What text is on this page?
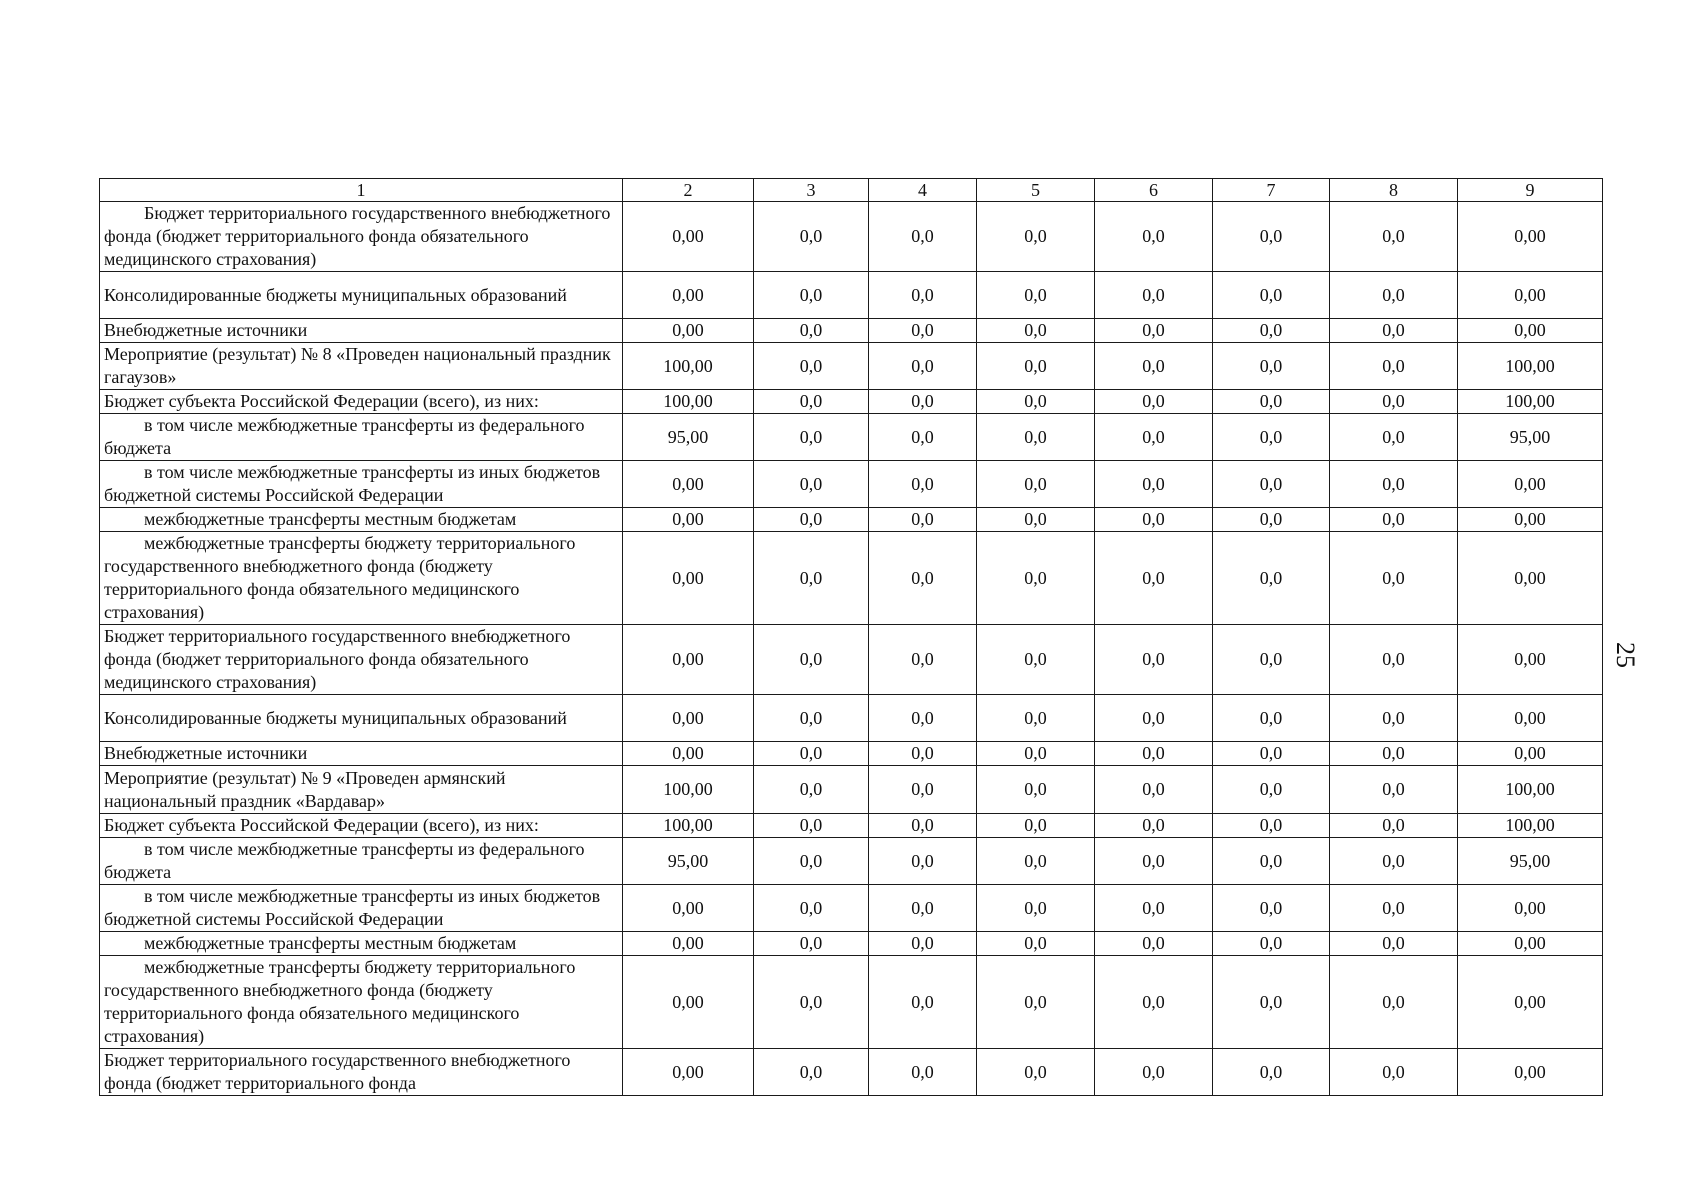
1	2	3	4	5	6	7	8	9
Бюджет территориального государственного внебюджетного фонда (бюджет территориального фонда обязательного медицинского страхования)	0,00	0,0	0,0	0,0	0,0	0,0	0,0	0,00
Консолидированные бюджеты муниципальных образований	0,00	0,0	0,0	0,0	0,0	0,0	0,0	0,00
Внебюджетные источники	0,00	0,0	0,0	0,0	0,0	0,0	0,0	0,00
Мероприятие (результат) № 8 «Проведен национальный праздник гагаузов»	100,00	0,0	0,0	0,0	0,0	0,0	0,0	100,00
Бюджет субъекта Российской Федерации (всего), из них:	100,00	0,0	0,0	0,0	0,0	0,0	0,0	100,00
в том числе межбюджетные трансферты из федерального бюджета	95,00	0,0	0,0	0,0	0,0	0,0	0,0	95,00
в том числе межбюджетные трансферты из иных бюджетов бюджетной системы Российской Федерации	0,00	0,0	0,0	0,0	0,0	0,0	0,0	0,00
межбюджетные трансферты местным бюджетам	0,00	0,0	0,0	0,0	0,0	0,0	0,0	0,00
межбюджетные трансферты бюджету территориального государственного внебюджетного фонда (бюджету территориального фонда обязательного медицинского страхования)	0,00	0,0	0,0	0,0	0,0	0,0	0,0	0,00
Бюджет территориального государственного внебюджетного фонда (бюджет территориального фонда обязательного медицинского страхования)	0,00	0,0	0,0	0,0	0,0	0,0	0,0	0,00
Консолидированные бюджеты муниципальных образований	0,00	0,0	0,0	0,0	0,0	0,0	0,0	0,00
Внебюджетные источники	0,00	0,0	0,0	0,0	0,0	0,0	0,0	0,00
Мероприятие (результат) № 9 «Проведен армянский национальный праздник «Вардавар»	100,00	0,0	0,0	0,0	0,0	0,0	0,0	100,00
Бюджет субъекта Российской Федерации (всего), из них:	100,00	0,0	0,0	0,0	0,0	0,0	0,0	100,00
в том числе межбюджетные трансферты из федерального бюджета	95,00	0,0	0,0	0,0	0,0	0,0	0,0	95,00
в том числе межбюджетные трансферты из иных бюджетов бюджетной системы Российской Федерации	0,00	0,0	0,0	0,0	0,0	0,0	0,0	0,00
межбюджетные трансферты местным бюджетам	0,00	0,0	0,0	0,0	0,0	0,0	0,0	0,00
межбюджетные трансферты бюджету территориального государственного внебюджетного фонда (бюджету территориального фонда обязательного медицинского страхования)	0,00	0,0	0,0	0,0	0,0	0,0	0,0	0,00
Бюджет территориального государственного внебюджетного фонда (бюджет территориального фонда	0,00	0,0	0,0	0,0	0,0	0,0	0,0	0,00
25
